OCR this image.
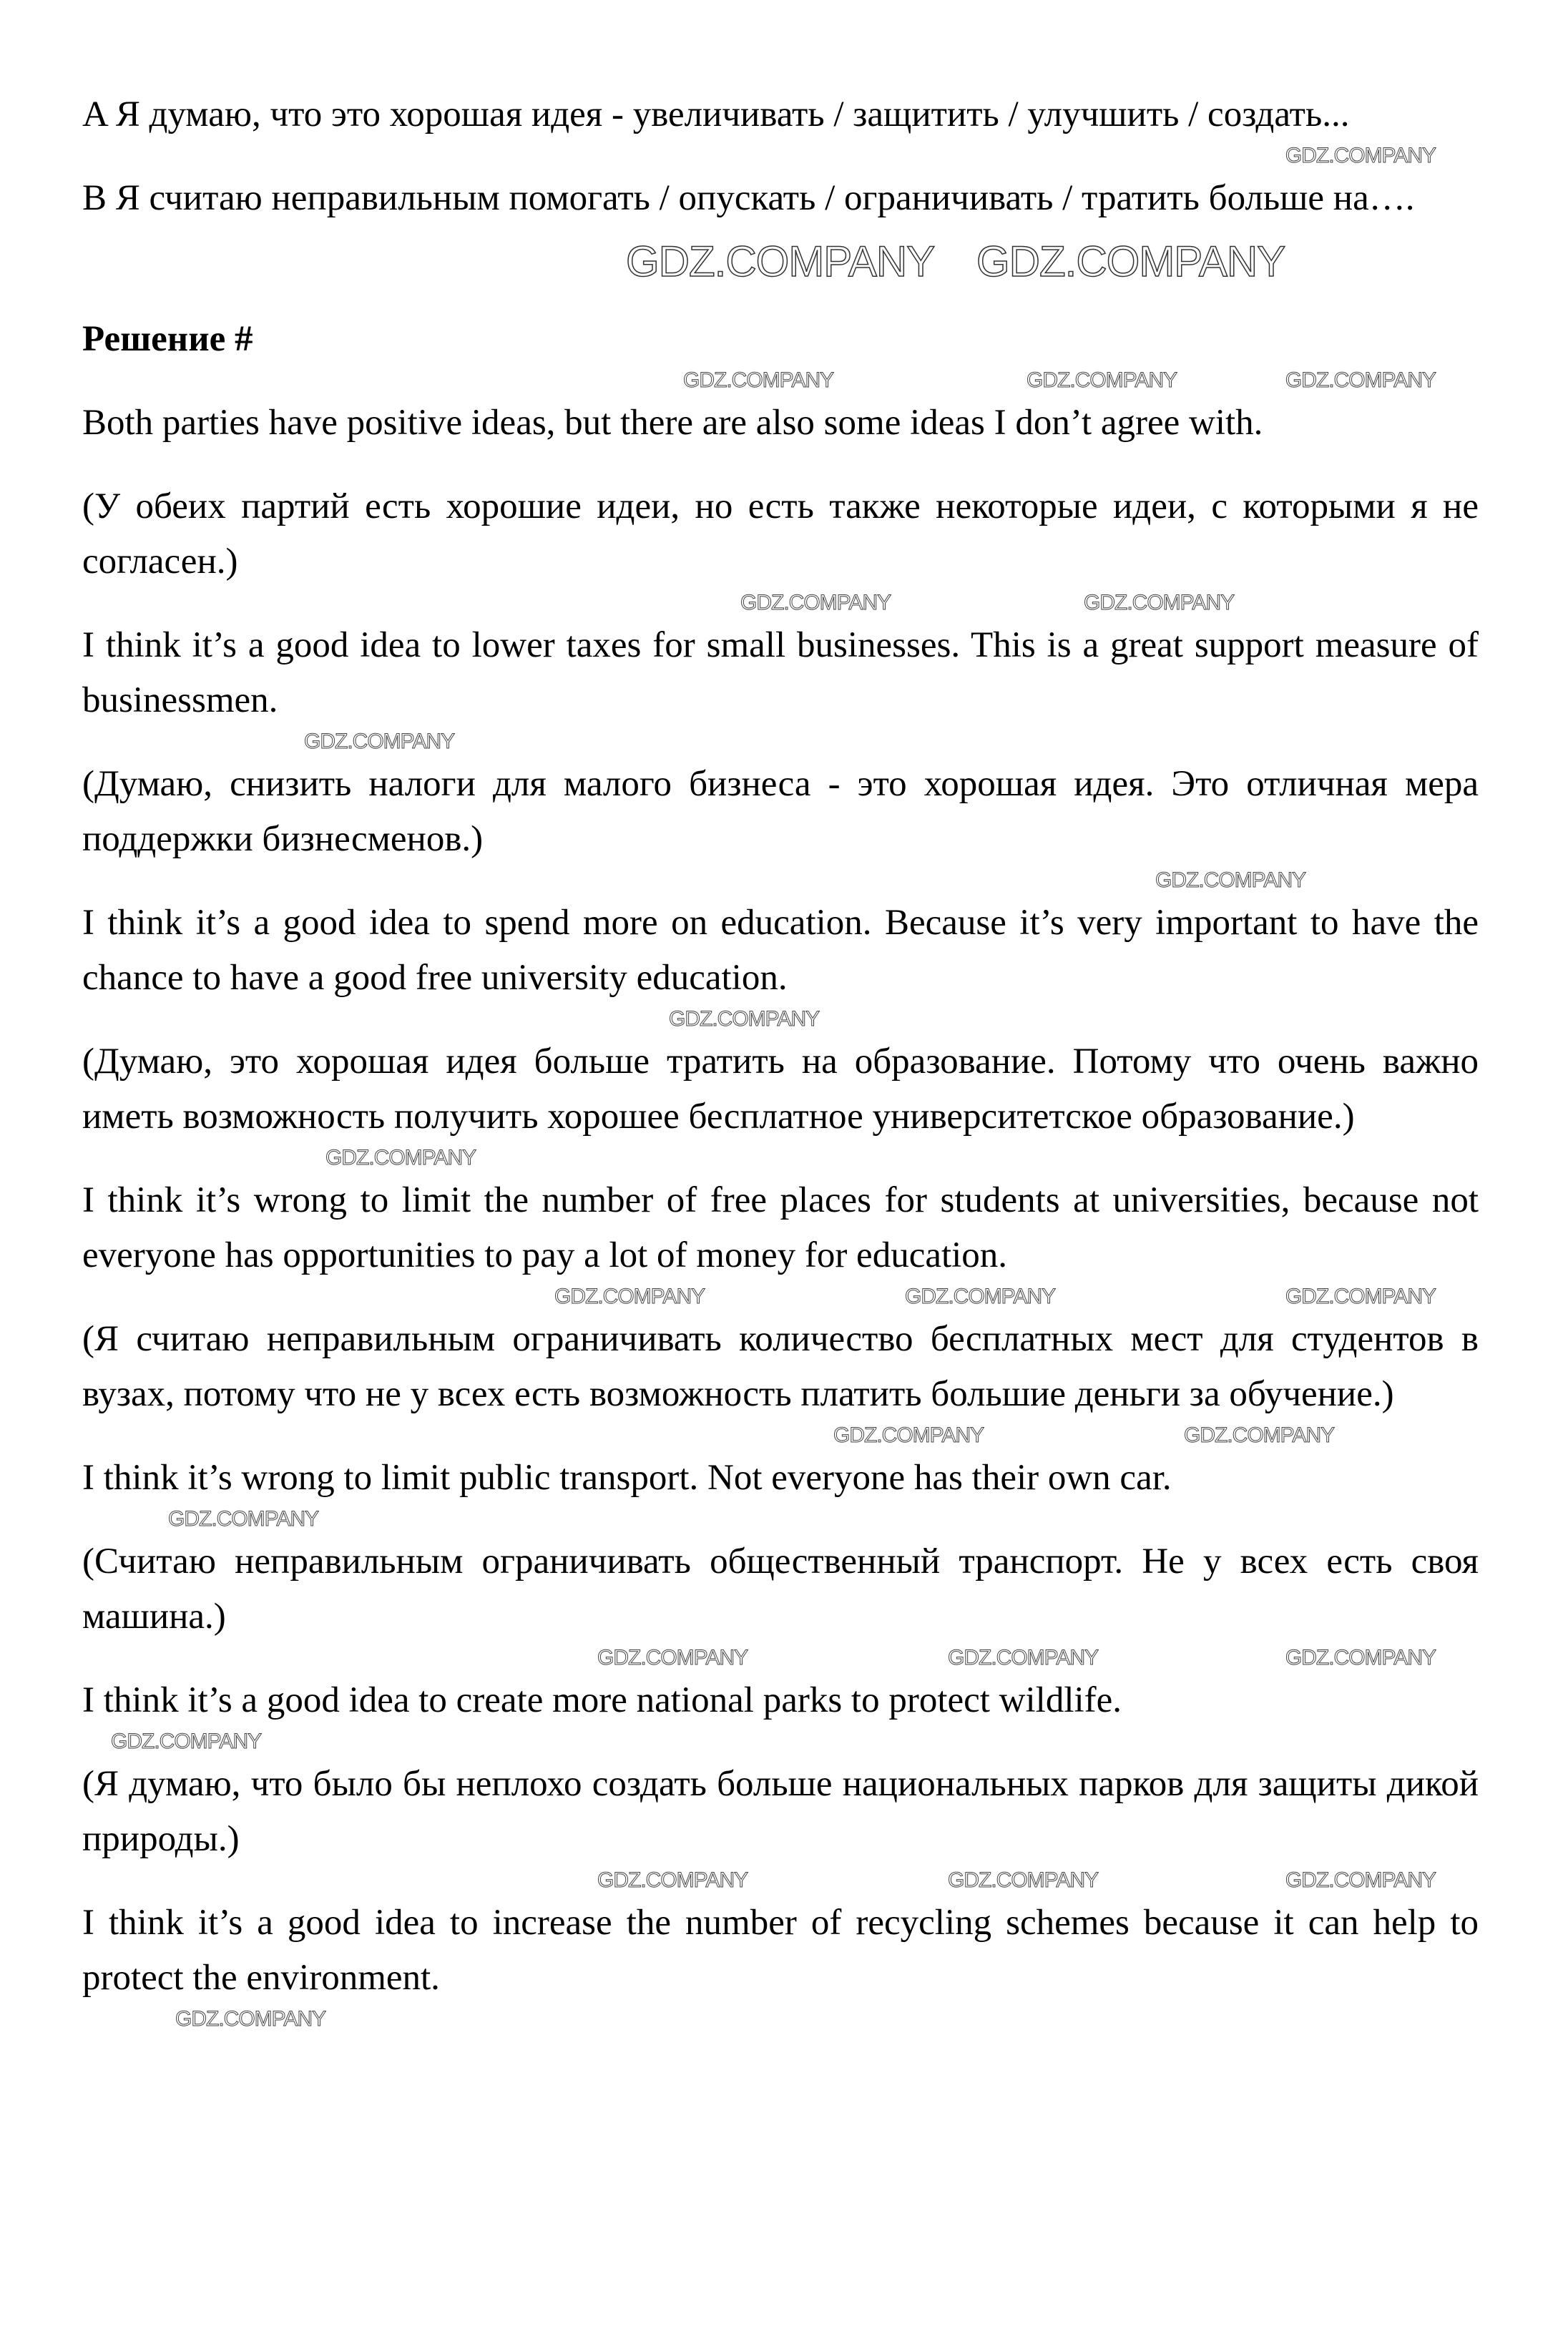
A Я думаю, что это хорошая идея - увеличивать / защитить / улучшить / создать...

GDZ.COMPANY

B Я считаю неправильным помогать / опускать / ограничивать / тратить больше на….

GDZ.COMPANY GDZ.COMPANY

Решение #

GDZ.COMPANY	GDZ.COMPANY	GDZ.COMPANY

Both parties have positive ideas, but there are also some ideas I don’t agree with.

(У обеих партий есть хорошие идеи, но есть также некоторые идеи, с которыми я не согласен.)

GDZ.COMPANY	GDZ.COMPANY

I think it’s a good idea to lower taxes for small businesses. This is a great support measure of businessmen.

GDZ.COMPANY

(Думаю, снизить налоги для малого бизнеса - это хорошая идея. Это отличная мера поддержки бизнесменов.)

GDZ.COMPANY

I think it’s a good idea to spend more on education. Because it’s very important to have the chance to have a good free university education.

GDZ.COMPANY

(Думаю, это хорошая идея больше тратить на образование. Потому что очень важно иметь возможность получить хорошее бесплатное университетское образование.)

GDZ.COMPANY

I think it’s wrong to limit the number of free places for students at universities, because not everyone has opportunities to pay a lot of money for education.

GDZ.COMPANY	GDZ.COMPANY	GDZ.COMPANY

(Я считаю неправильным ограничивать количество бесплатных мест для студентов в вузах, потому что не у всех есть возможность платить большие деньги за обучение.)

GDZ.COMPANY	GDZ.COMPANY

I think it’s wrong to limit public transport. Not everyone has their own car.

GDZ.COMPANY

(Считаю неправильным ограничивать общественный транспорт. Не у всех есть своя машина.)

GDZ.COMPANY	GDZ.COMPANY	GDZ.COMPANY

I think it’s a good idea to create more national parks to protect wildlife.

GDZ.COMPANY

(Я думаю, что было бы неплохо создать больше национальных парков для защиты дикой природы.)

GDZ.COMPANY	GDZ.COMPANY	GDZ.COMPANY

I think it’s a good idea to increase the number of recycling schemes because it can help to protect the environment.

GDZ.COMPANY
